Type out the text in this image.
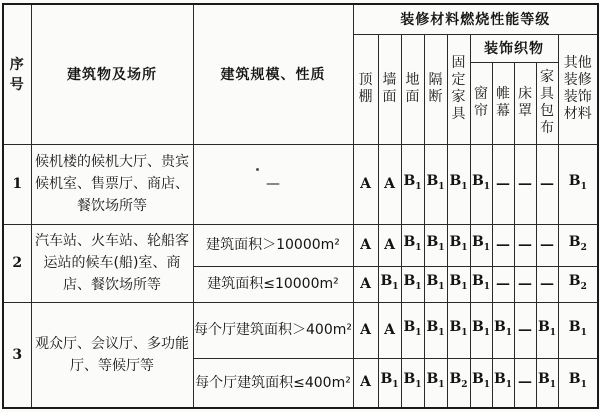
序号	建筑物及场所	建筑规模、性质	装修材料燃烧性能等级									
			顶棚	墙面	地面	隔断	固定家具	装饰织物				其他装修装饰材料
								窗帘	帷幕	床罩	家具包布	
1	候机楼的候机大厅、贵宾候机室、售票厅、商店、餐饮场所等	—	A	A	$B_1$	$B_1$	$B_1$	$B_1$	—	—	—	$B_1$
2	汽车站、火车站、轮船客运站的候车(船)室、商店、餐饮场所等	建筑面积＞10000m²	A	A	$B_1$	$B_1$	$B_1$	$B_1$	—	—	—	$B_2$
		建筑面积≤10000m²	A	$B_1$	$B_1$	$B_1$	$B_1$	$B_1$	—	—	—	$B_2$
3	观众厅、会议厅、多功能厅、等候厅等	每个厅建筑面积＞400m²	A	A	$B_1$	$B_1$	$B_1$	$B_1$	$B_1$	—	$B_1$	$B_1$
		每个厅建筑面积≤400m²	A	$B_1$	$B_1$	$B_1$	$B_2$	$B_1$	$B_1$	—	$B_1$	$B_1$
